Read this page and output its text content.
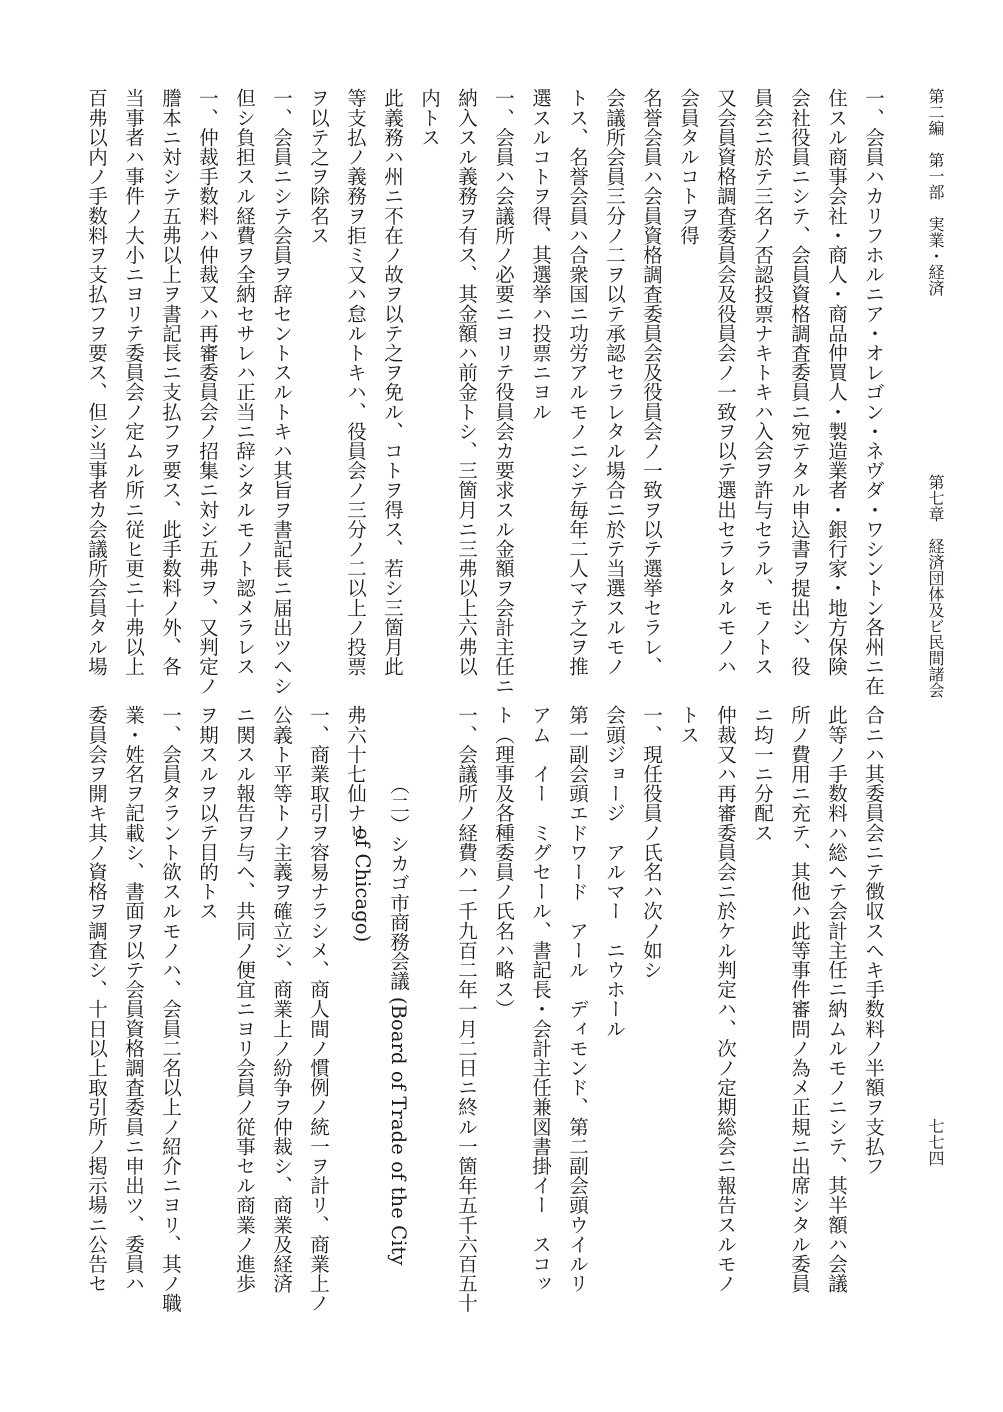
第二編　第一部　実業・経済
第七章　経済団体及ビ民間諸会
七七四
一、会員ハカリフホルニア・オレゴン・ネヴダ・ワシントン各州ニ在
住スル商事会社・商人・商品仲買人・製造業者・銀行家・地方保険
会社役員ニシテ、会員資格調査委員ニ宛テタル申込書ヲ提出シ、役
員会ニ於テ三名ノ否認投票ナキトキハ入会ヲ許与セラル、モノトス
又会員資格調査委員会及役員会ノ一致ヲ以テ選出セラレタルモノハ
会員タルコトヲ得
名誉会員ハ会員資格調査委員会及役員会ノ一致ヲ以テ選挙セラレ、
会議所会員三分ノ二ヲ以テ承認セラレタル場合ニ於テ当選スルモノ
トス、名誉会員ハ合衆国ニ功労アルモノニシテ毎年二人マテ之ヲ推
選スルコトヲ得、其選挙ハ投票ニヨル
一、会員ハ会議所ノ必要ニヨリテ役員会カ要求スル金額ヲ会計主任ニ
納入スル義務ヲ有ス、其金額ハ前金トシ、三箇月ニ三弗以上六弗以
内トス
此義務ハ州ニ不在ノ故ヲ以テ之ヲ免ル、コトヲ得ス、若シ三箇月此
等支払ノ義務ヲ拒ミ又ハ怠ルトキハ、役員会ノ三分ノ二以上ノ投票
ヲ以テ之ヲ除名ス
一、会員ニシテ会員ヲ辞セントスルトキハ其旨ヲ書記長ニ届出ツヘシ
但シ負担スル経費ヲ全納セサレハ正当ニ辞シタルモノト認メラレス
一、仲裁手数料ハ仲裁又ハ再審委員会ノ招集ニ対シ五弗ヲ、又判定ノ
謄本ニ対シテ五弗以上ヲ書記長ニ支払フヲ要ス、此手数料ノ外、各
当事者ハ事件ノ大小ニヨリテ委員会ノ定ムル所ニ従ヒ更ニ十弗以上
百弗以内ノ手数料ヲ支払フヲ要ス、但シ当事者カ会議所会員タル場
合ニハ其委員会ニテ徴収スヘキ手数料ノ半額ヲ支払フ
此等ノ手数料ハ総ヘテ会計主任ニ納ムルモノニシテ、其半額ハ会議
所ノ費用ニ充テ、其他ハ此等事件審問ノ為メ正規ニ出席シタル委員
ニ均一ニ分配ス
仲裁又ハ再審委員会ニ於ケル判定ハ、次ノ定期総会ニ報告スルモノ
トス
一、現任役員ノ氏名ハ次ノ如シ
会頭ジョージ　アルマー　ニウホール
第一副会頭エドワード　アール　ディモンド、第二副会頭ウイルリ
アム　イー　ミグセール、書記長・会計主任兼図書掛イー　スコッ
ト（理事及各種委員ノ氏名ハ略ス）
一、会議所ノ経費ハ一千九百二年一月二日ニ終ル一箇年五千六百五十
弗六十七仙ナリ
一、商業取引ヲ容易ナラシメ、商人間ノ慣例ノ統一ヲ計リ、商業上ノ
公義ト平等トノ主義ヲ確立シ、商業上ノ紛争ヲ仲裁シ、商業及経済
ニ関スル報告ヲ与ヘ、共同ノ便宜ニヨリ会員ノ従事セル商業ノ進歩
ヲ期スルヲ以テ目的トス
一、会員タラント欲スルモノハ、会員二名以上ノ紹介ニヨリ、其ノ職
業・姓名ヲ記載シ、書面ヲ以テ会員資格調査委員ニ申出ツ、委員ハ
委員会ヲ開キ其ノ資格ヲ調査シ、十日以上取引所ノ掲示場ニ公告セ	（二）シカゴ市商務会議 (Board of Trade of the City
of Chicago)
